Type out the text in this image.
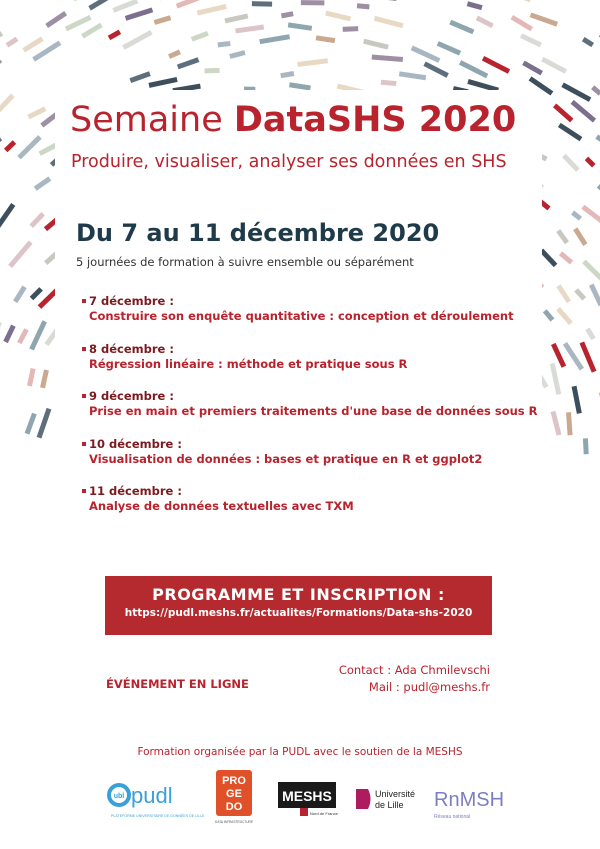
Semaine DataSHS 2020
Produire, visualiser, analyser ses données en SHS
Du 7 au 11 décembre 2020
5 journées de formation à suivre ensemble ou séparément
7 décembre :
Construire son enquête quantitative : conception et déroulement
8 décembre :
Régression linéaire : méthode et pratique sous R
9 décembre :
Prise en main et premiers traitements d'une base de données sous R
10 décembre :
Visualisation de données : bases et pratique en R et ggplot2
11 décembre :
Analyse de données textuelles avec TXM
PROGRAMME ET INSCRIPTION :
https://pudl.meshs.fr/actualites/Formations/Data-shs-2020
ÉVÉNEMENT EN LIGNE
Contact : Ada Chmilevschi
Mail : pudl@meshs.fr
Formation organisée par la PUDL avec le soutien de la MESHS
ubl pudl
PLATEFORME UNIVERSITAIRE DE DONNÉES DE LILLE
PRO
GE
DO
DATA INFRASTRUCTURE
MESHS
Nord de France
Université
de Lille RnMSH
Réseau national
